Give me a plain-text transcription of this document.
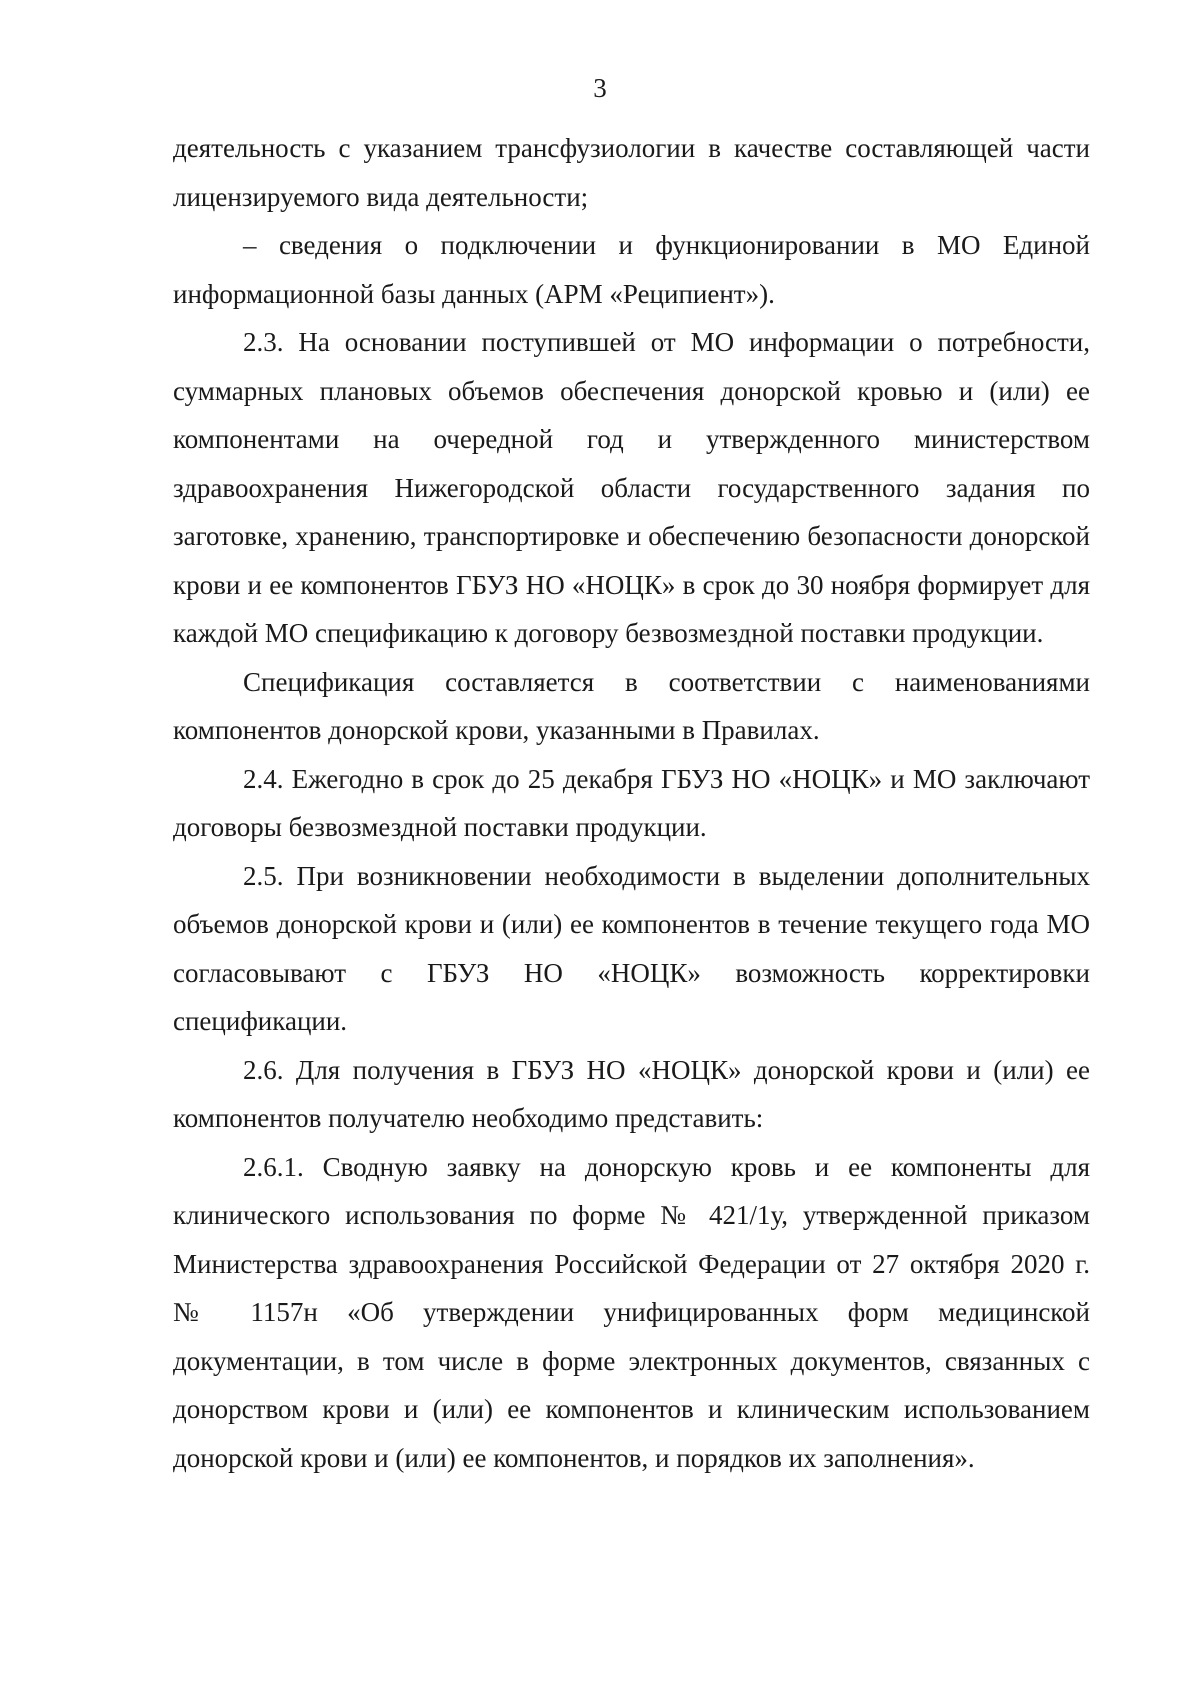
3

деятельность с указанием трансфузиологии в качестве составляющей части лицензируемого вида деятельности;

– сведения о подключении и функционировании в МО Единой информационной базы данных (АРМ «Реципиент»).

2.3. На основании поступившей от МО информации о потребности, суммарных плановых объемов обеспечения донорской кровью и (или) ее компонентами на очередной год и утвержденного министерством здравоохранения Нижегородской области государственного задания по заготовке, хранению, транспортировке и обеспечению безопасности донорской крови и ее компонентов ГБУЗ НО «НОЦК» в срок до 30 ноября формирует для каждой МО спецификацию к договору безвозмездной поставки продукции.

Спецификация составляется в соответствии с наименованиями компонентов донорской крови, указанными в Правилах.

2.4. Ежегодно в срок до 25 декабря ГБУЗ НО «НОЦК» и МО заключают договоры безвозмездной поставки продукции.

2.5. При возникновении необходимости в выделении дополнительных объемов донорской крови и (или) ее компонентов в течение текущего года МО согласовывают с ГБУЗ НО «НОЦК» возможность корректировки спецификации.

2.6. Для получения в ГБУЗ НО «НОЦК» донорской крови и (или) ее компонентов получателю необходимо представить:

2.6.1. Сводную заявку на донорскую кровь и ее компоненты для клинического использования по форме № 421/1у, утвержденной приказом Министерства здравоохранения Российской Федерации от 27 октября 2020 г. № 1157н «Об утверждении унифицированных форм медицинской документации, в том числе в форме электронных документов, связанных с донорством крови и (или) ее компонентов и клиническим использованием донорской крови и (или) ее компонентов, и порядков их заполнения».
